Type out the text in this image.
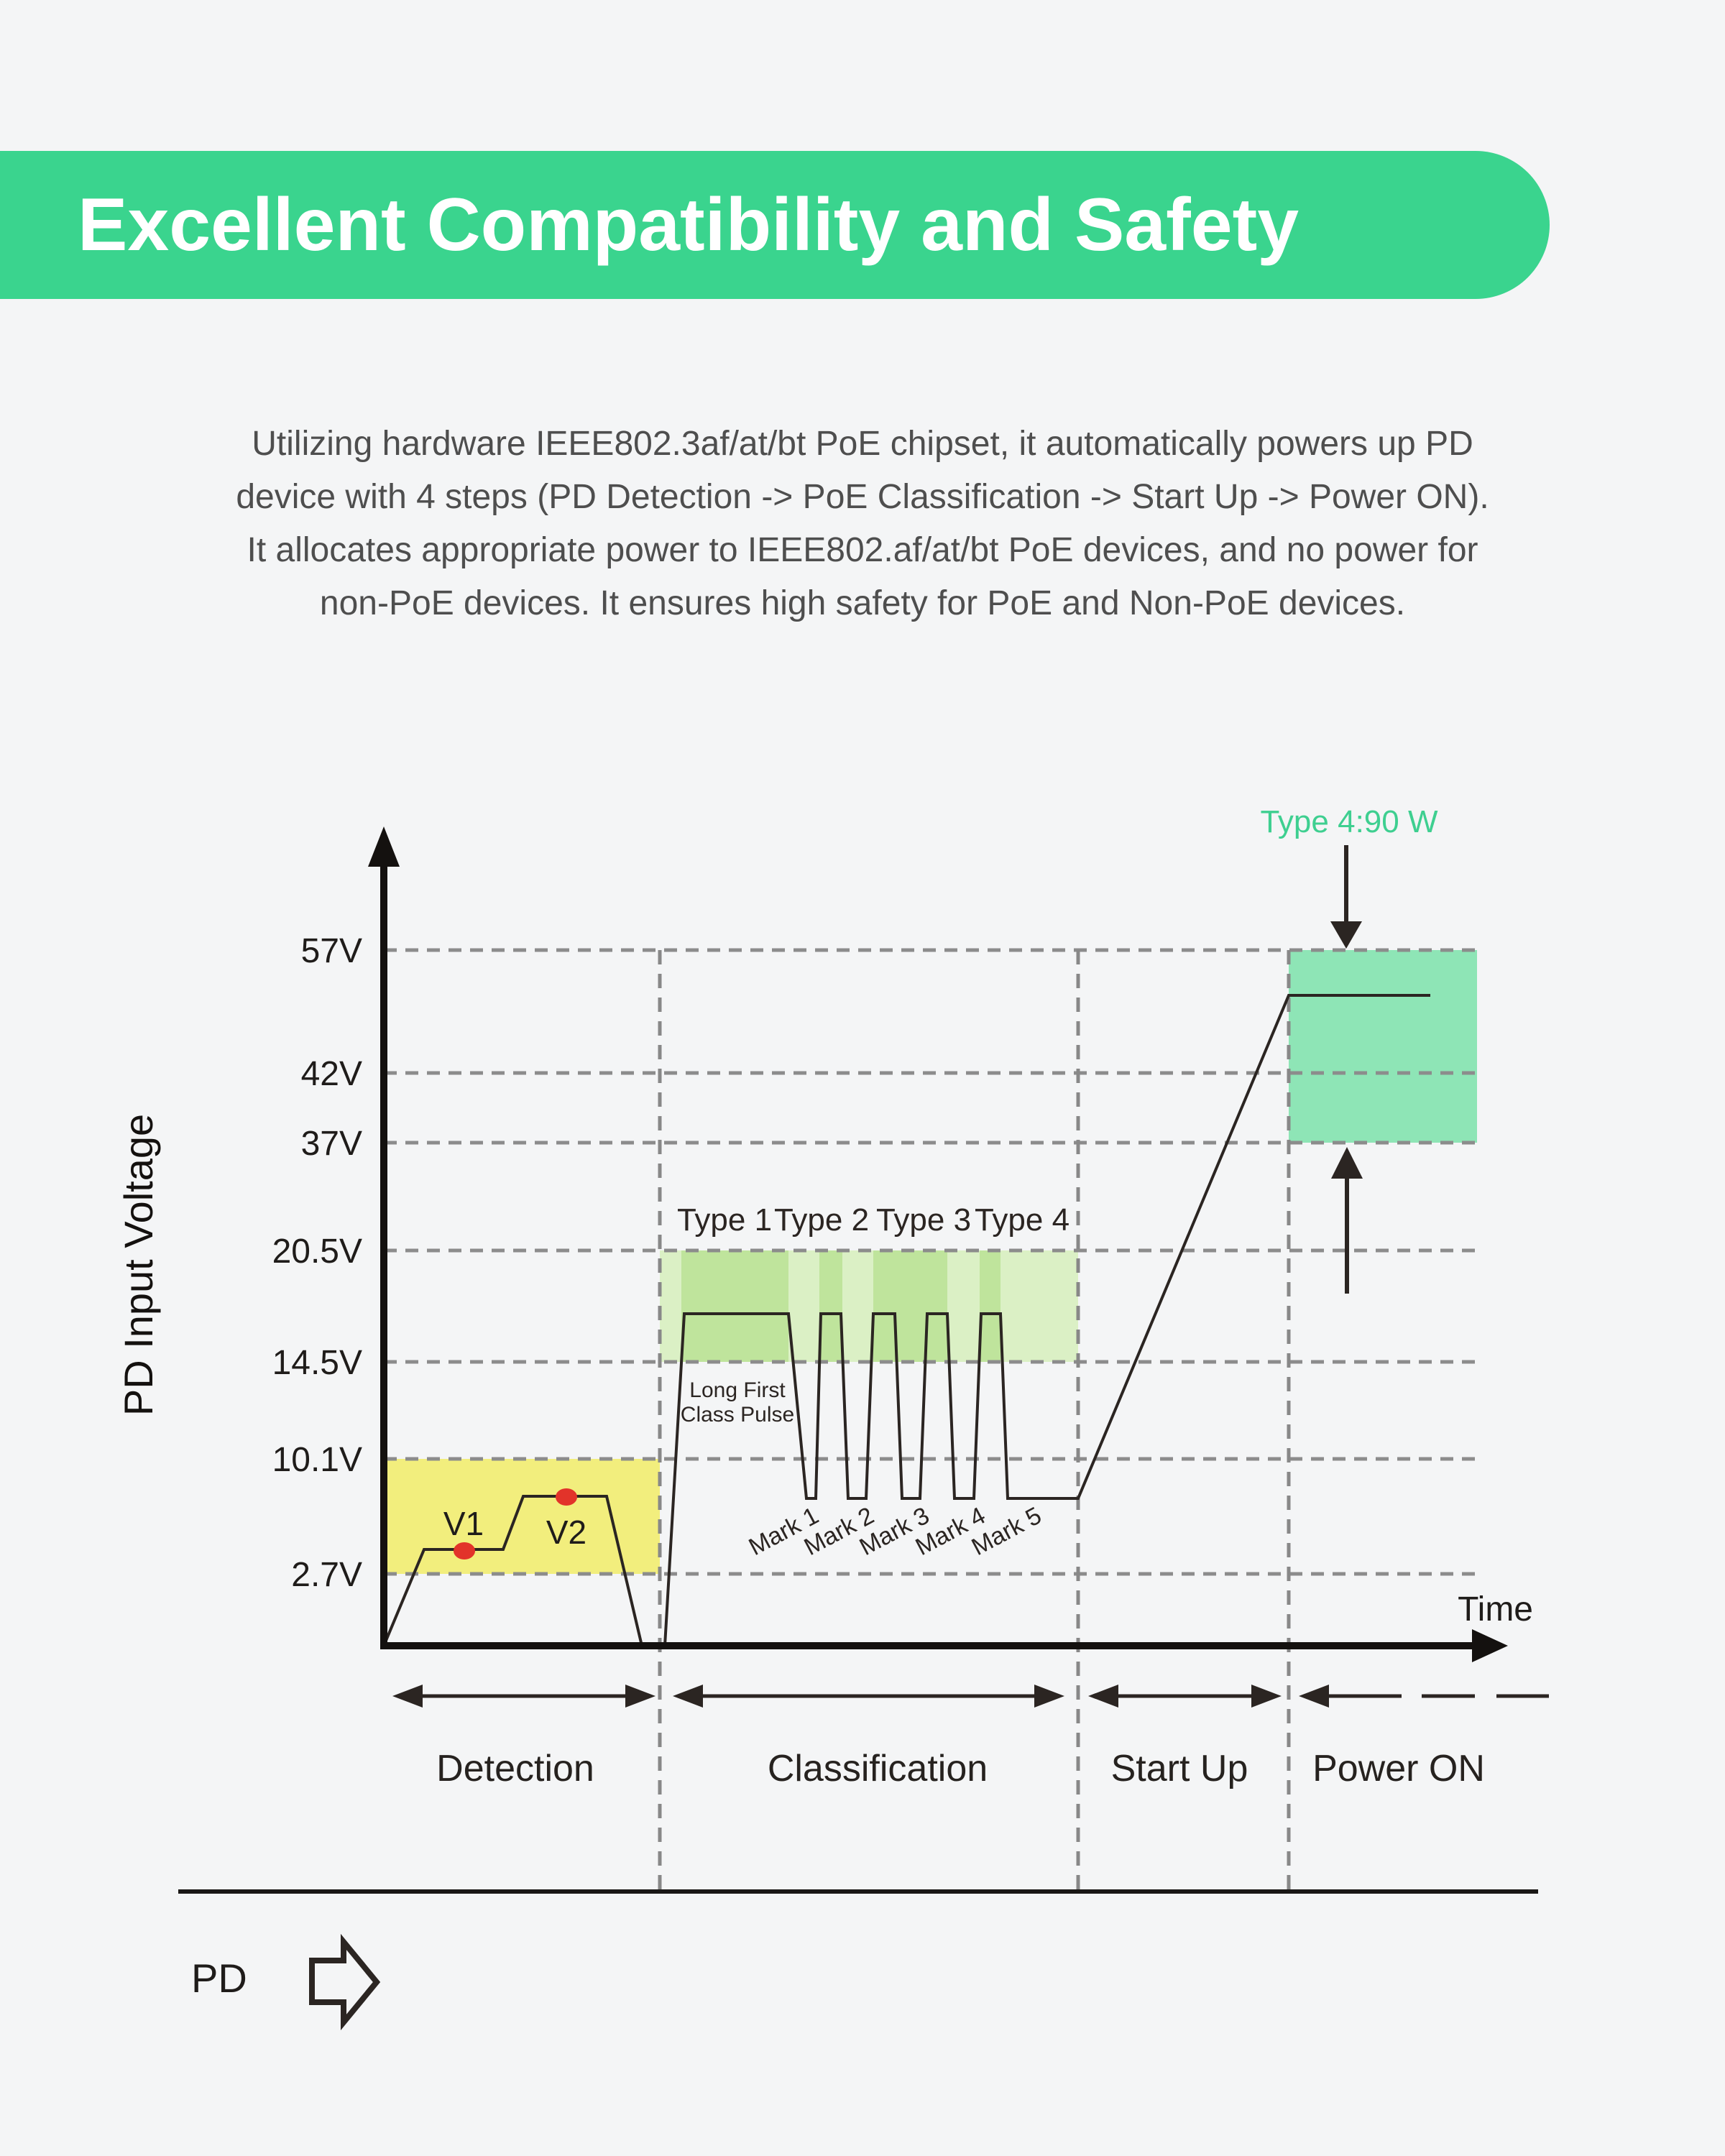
Excellent Compatibility and Safety
Utilizing hardware IEEE802.3af/at/bt PoE chipset, it automatically powers up PD
device with 4 steps (PD Detection -> PoE Classification -> Start Up -> Power ON).
It allocates appropriate power to IEEE802.af/at/bt PoE devices, and no power for
non-PoE devices. It ensures high safety for PoE and Non-PoE devices.
V1 V2
57V
42V
37V
20.5V
14.5V
10.1V
2.7V
PD Input Voltage
Time
Type 1 Type 2 Type 3 Type 4
Long First
Class Pulse
Mark 1
Mark 2
Mark 3
Mark 4
Mark 5
Type 4:90 W
Detection	Classification	Start Up Power ON
PD
